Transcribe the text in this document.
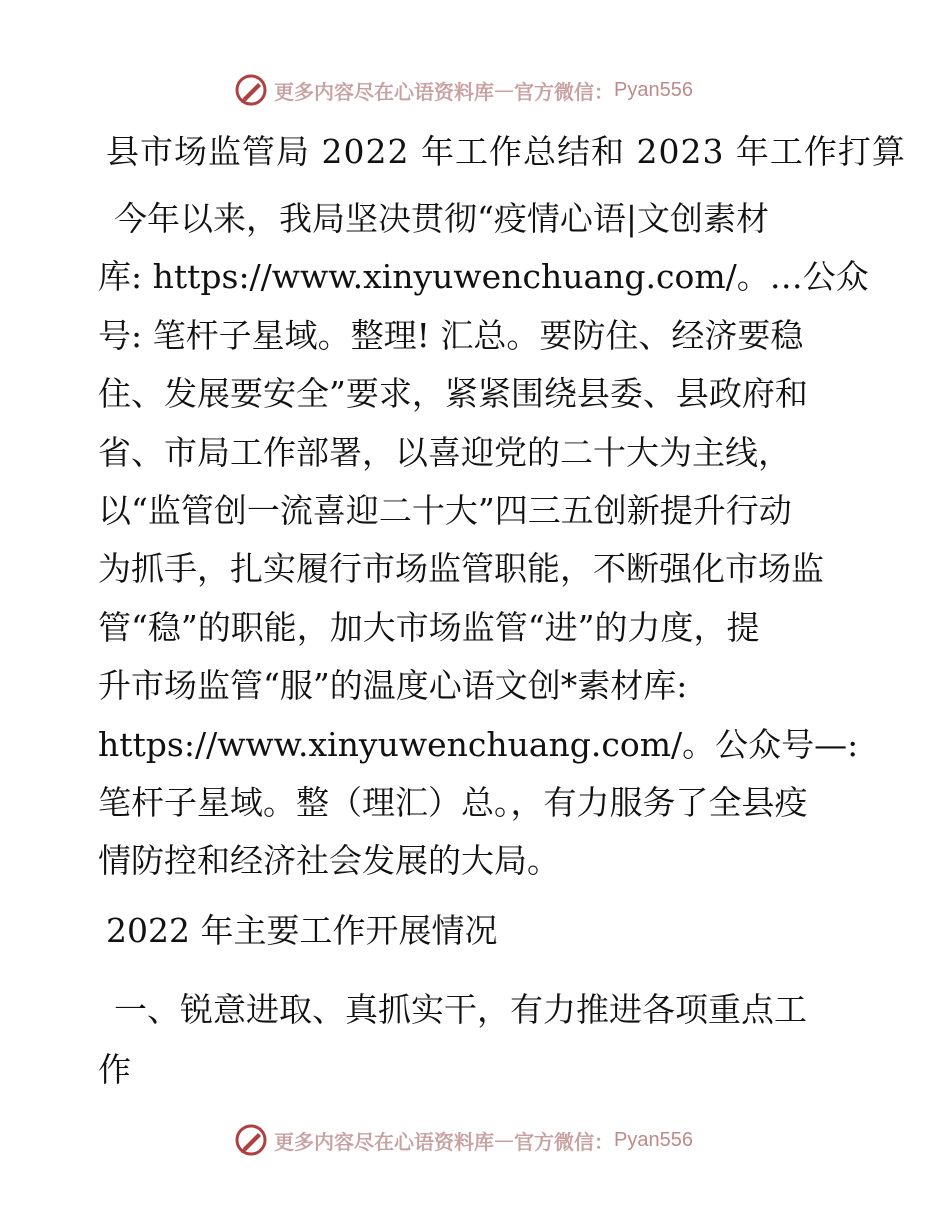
更多内容尽在心语资料库 — 官方微信： Pyan556
县市场监管局 2022 年工作总结和 2023 年工作打算
今年以来，我局坚决贯彻“疫情心语|文创素材
库: https://www.xinyuwenchuang.com/。…公众
号: 笔杆子星域。整理! 汇总。要防住、经济要稳
住、发展要安全”要求，紧紧围绕县委、县政府和
省、市局工作部署，以喜迎党的二十大为主线，
以“监管创一流喜迎二十大”四三五创新提升行动
为抓手，扎实履行市场监管职能，不断强化市场监
管“稳”的职能，加大市场监管“进”的力度，提
升市场监管“服”的温度心语文创*素材库:
https://www.xinyuwenchuang.com/。公众号—:
笔杆子星域。整（理汇）总。，有力服务了全县疫
情防控和经济社会发展的大局。
2022 年主要工作开展情况
一、锐意进取、真抓实干，有力推进各项重点工
作
更多内容尽在心语资料库 — 官方微信： Pyan556
